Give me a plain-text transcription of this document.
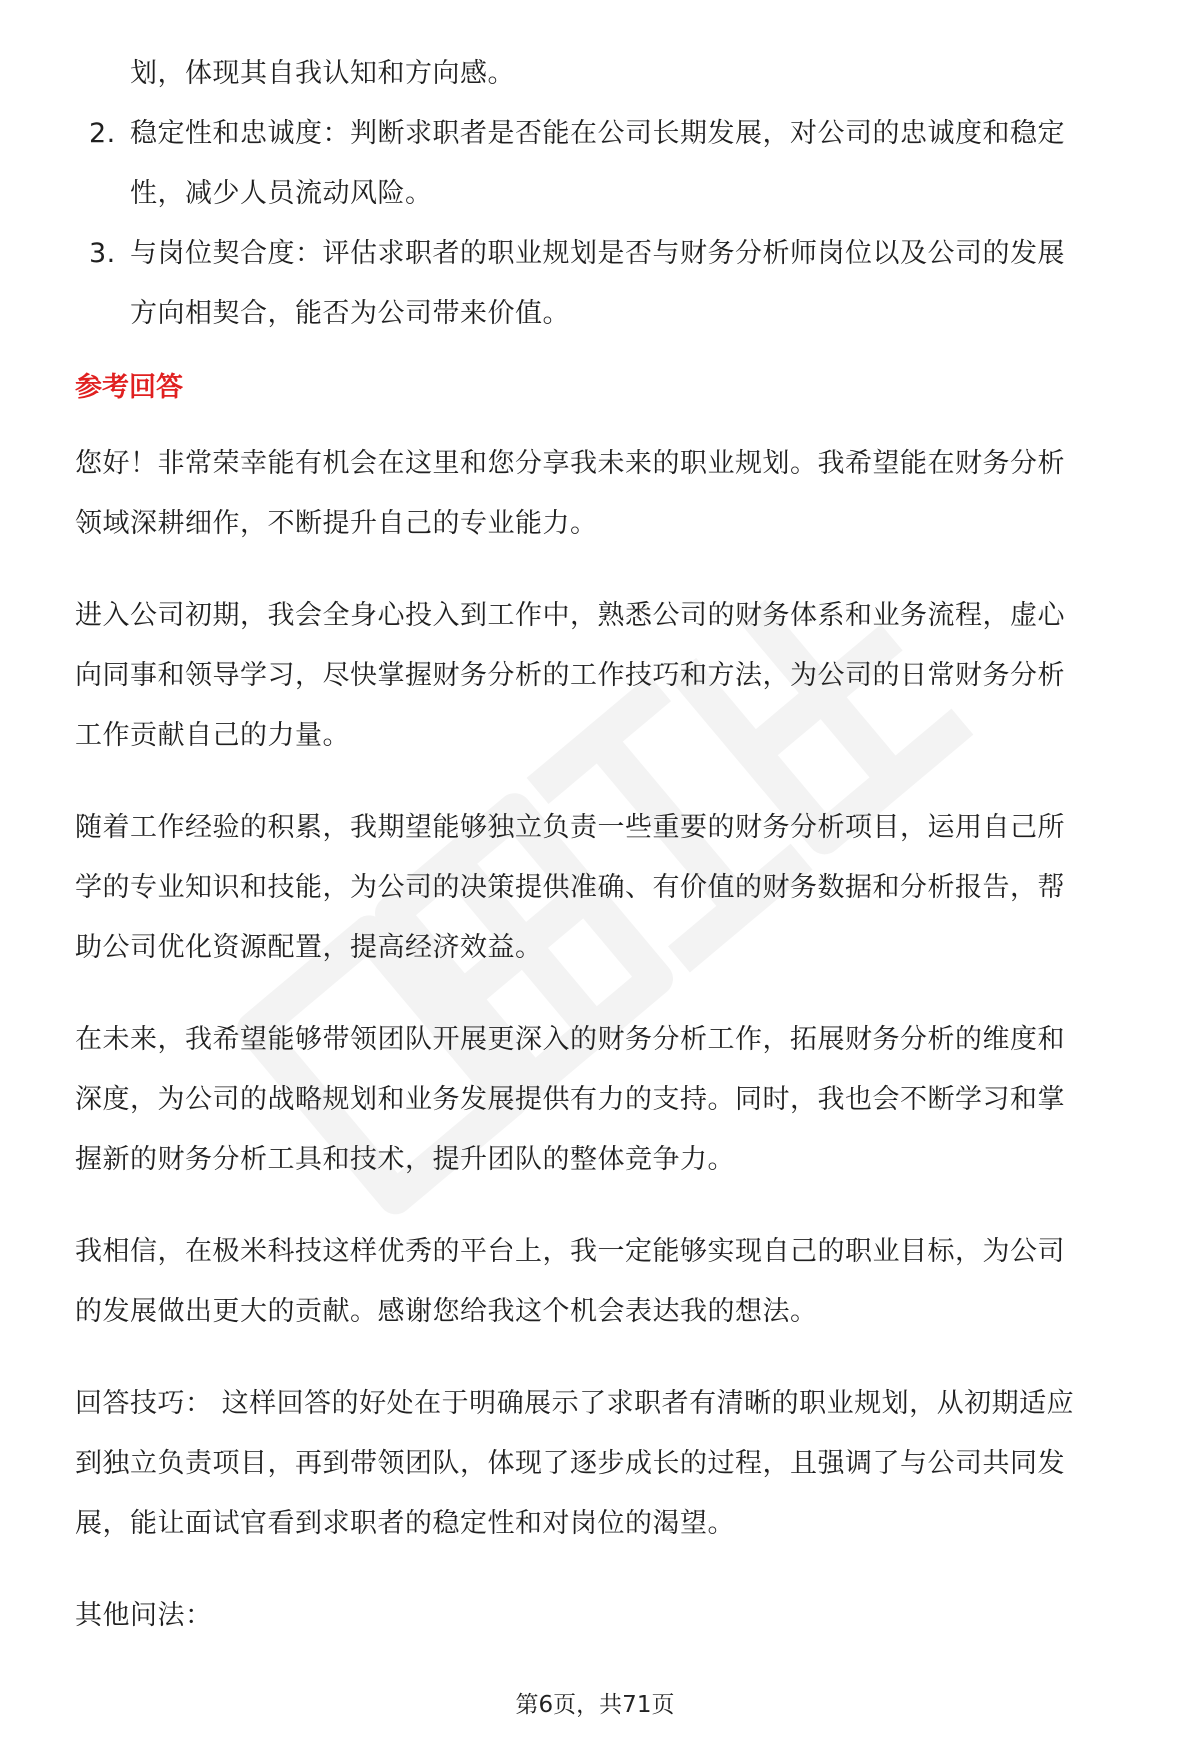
划，体现其自我认知和方向感。

2. 稳定性和忠诚度：判断求职者是否能在公司长期发展，对公司的忠诚度和稳定

性，减少人员流动风险。

3. 与岗位契合度：评估求职者的职业规划是否与财务分析师岗位以及公司的发展

方向相契合，能否为公司带来价值。

参考回答

您好！非常荣幸能有机会在这里和您分享我未来的职业规划。我希望能在财务分析

领域深耕细作，不断提升自己的专业能力。

进入公司初期，我会全身心投入到工作中，熟悉公司的财务体系和业务流程，虚心

向同事和领导学习，尽快掌握财务分析的工作技巧和方法，为公司的日常财务分析

工作贡献自己的力量。

随着工作经验的积累，我期望能够独立负责一些重要的财务分析项目，运用自己所

学的专业知识和技能，为公司的决策提供准确、有价值的财务数据和分析报告，帮

助公司优化资源配置，提高经济效益。

在未来，我希望能够带领团队开展更深入的财务分析工作，拓展财务分析的维度和

深度，为公司的战略规划和业务发展提供有力的支持。同时，我也会不断学习和掌

握新的财务分析工具和技术，提升团队的整体竞争力。

我相信，在极米科技这样优秀的平台上，我一定能够实现自己的职业目标，为公司

的发展做出更大的贡献。感谢您给我这个机会表达我的想法。

回答技巧： 这样回答的好处在于明确展示了求职者有清晰的职业规划，从初期适应

到独立负责项目，再到带领团队，体现了逐步成长的过程，且强调了与公司共同发

展，能让面试官看到求职者的稳定性和对岗位的渴望。

其他问法：

第6页，共71页
